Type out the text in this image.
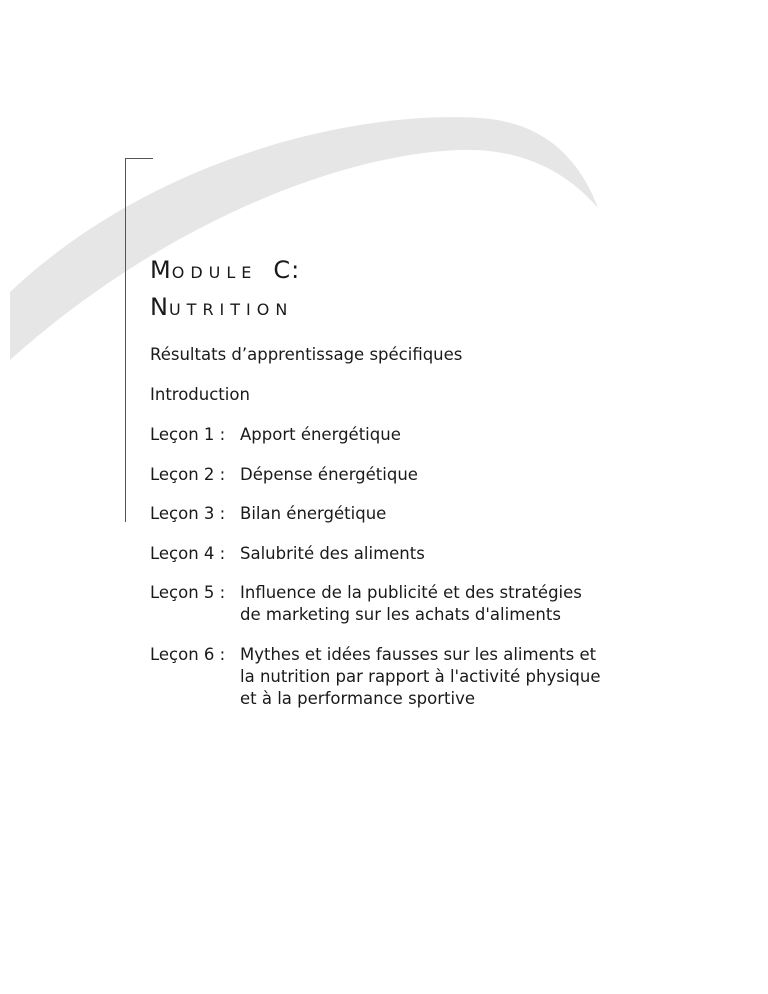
MODULE C:
NUTRITION
Résultats d’apprentissage spécifiques
Introduction
Leçon 1 : Apport énergétique
Leçon 2 : Dépense énergétique
Leçon 3 : Bilan énergétique
Leçon 4 : Salubrité des aliments
Leçon 5 : Influence de la publicité et des stratégies
de marketing sur les achats d'aliments
Leçon 6 : Mythes et idées fausses sur les aliments et
la nutrition par rapport à l'activité physique
et à la performance sportive
